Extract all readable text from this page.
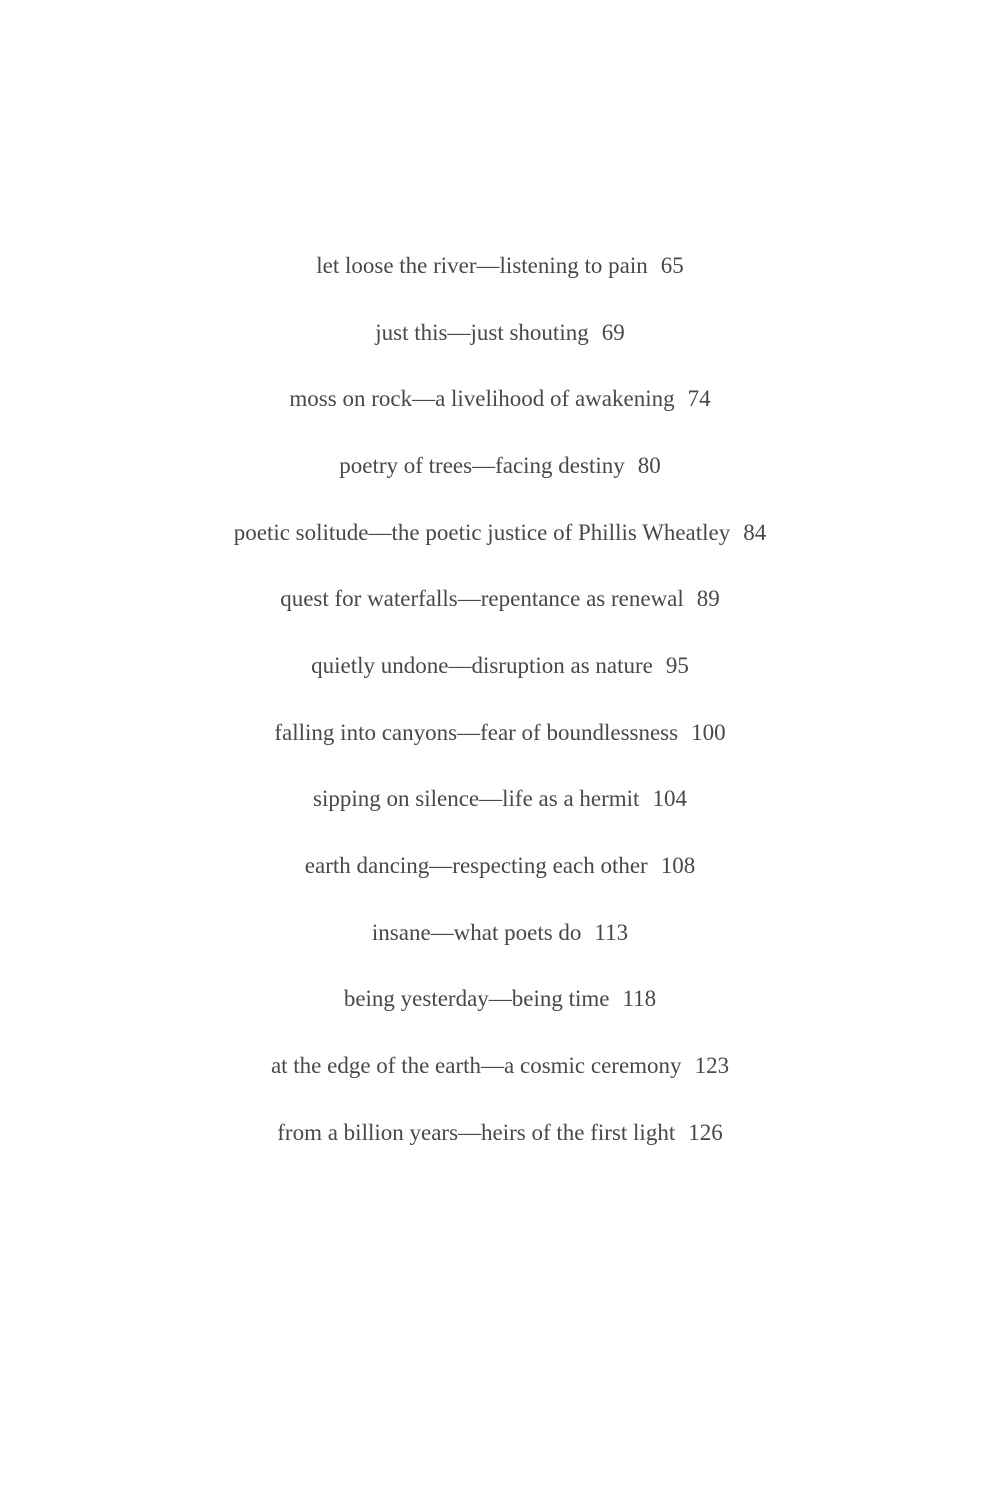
let loose the river—listening to pain 65
just this—just shouting 69
moss on rock—a livelihood of awakening 74
poetry of trees—facing destiny 80
poetic solitude—the poetic justice of Phillis Wheatley 84
quest for waterfalls—repentance as renewal 89
quietly undone—disruption as nature 95
falling into canyons—fear of boundlessness 100
sipping on silence—life as a hermit 104
earth dancing—respecting each other 108
insane—what poets do 113
being yesterday—being time 118
at the edge of the earth—a cosmic ceremony 123
from a billion years—heirs of the first light 126
